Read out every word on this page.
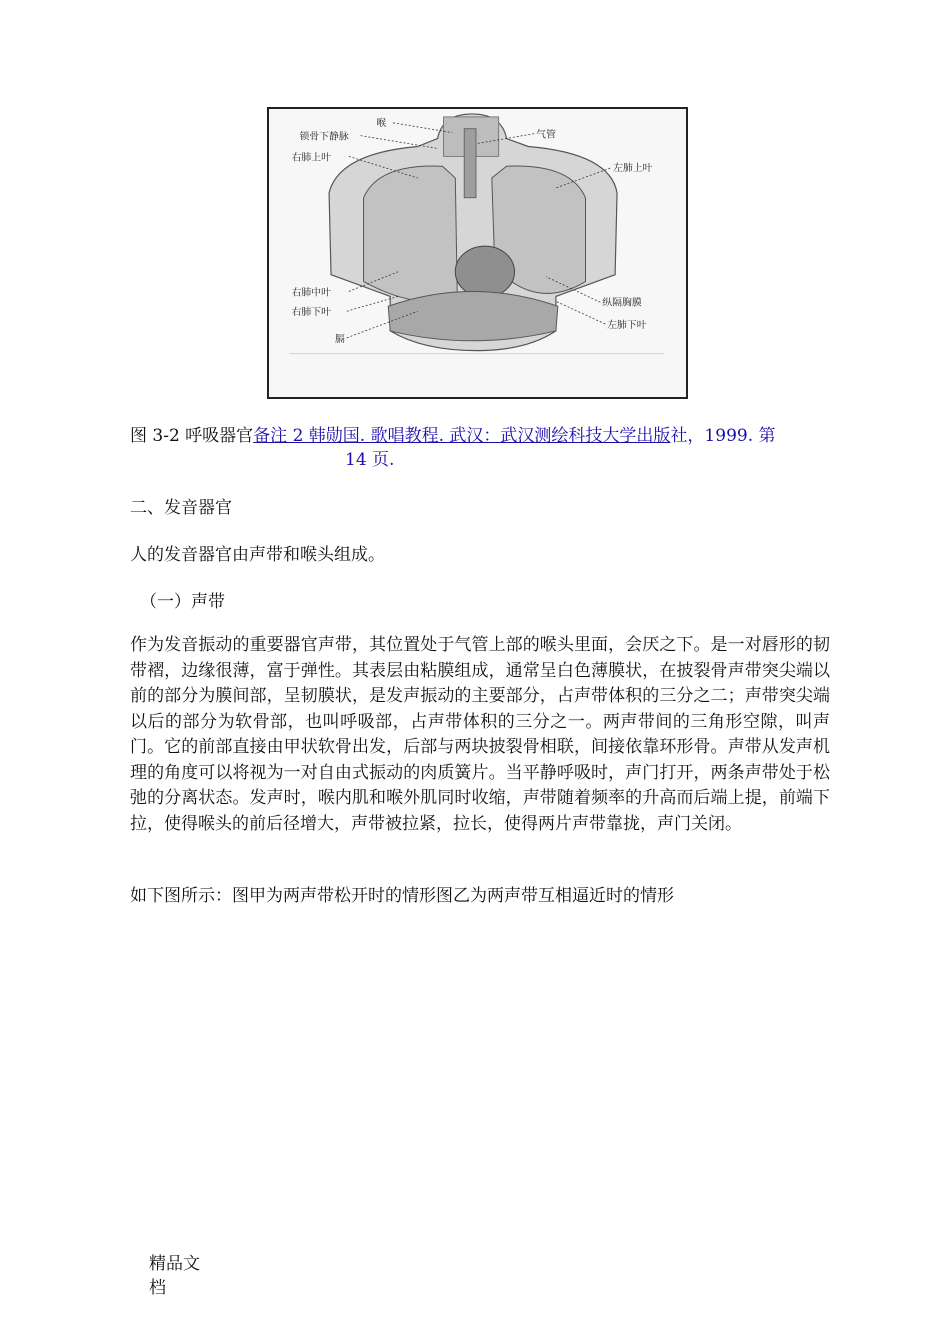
喉
锁骨下静脉	气管
右肺上叶
左肺上叶
右肺中叶
右肺下叶
纵隔胸膜
左肺下叶
膈
图 3-2 呼吸器官备注 2 韩勋国. 歌唱教程. 武汉：武汉测绘科技大学出版社，1999. 第
14 页.
二、发音器官
人的发音器官由声带和喉头组成。
（一）声带
作为发音振动的重要器官声带，其位置处于气管上部的喉头里面，会厌之下。是一对唇形的韧带褶，边缘很薄，富于弹性。其表层由粘膜组成，通常呈白色薄膜状，在披裂骨声带突尖端以前的部分为膜间部，呈韧膜状，是发声振动的主要部分，占声带体积的三分之二；声带突尖端以后的部分为软骨部，也叫呼吸部，占声带体积的三分之一。两声带间的三角形空隙，叫声门。它的前部直接由甲状软骨出发，后部与两块披裂骨相联，间接依靠环形骨。声带从发声机理的角度可以将视为一对自由式振动的肉质簧片。当平静呼吸时，声门打开，两条声带处于松弛的分离状态。发声时，喉内肌和喉外肌同时收缩，声带随着频率的升高而后端上提，前端下拉，使得喉头的前后径增大，声带被拉紧，拉长，使得两片声带靠拢，声门关闭。
如下图所示：图甲为两声带松开时的情形图乙为两声带互相逼近时的情形
精品文
档
